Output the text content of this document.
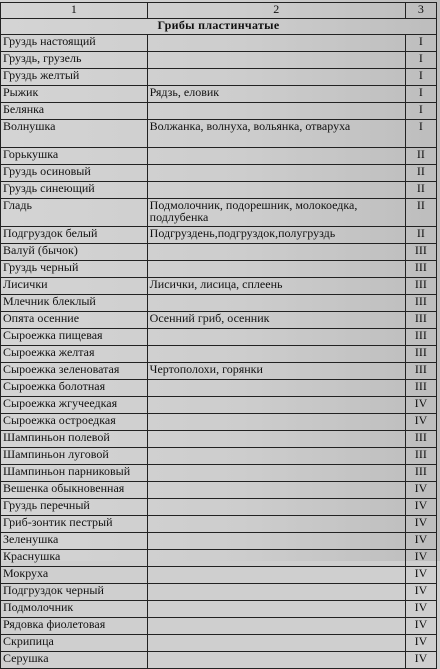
1	2	3
Грибы пластинчатые		
Груздь настоящий		I
Груздь, грузель		I
Груздь желтый		I
Рыжик	Рядзь, еловик	I
Белянка		I
Волнушка	Волжанка, волнуха, вольянка, отваруха	I
Горькушка		II
Груздь осиновый		II
Груздь синеющий		II
Гладь	Подмолочник, подорешник, молокоедка, подлубенка	II
Подгруздок белый	Подгруздень,подгруздок,полугруздь	II
Валуй (бычок)		III
Груздь черный		III
Лисички	Лисички, лисица, сплеень	III
Млечник блеклый		III
Опята осенние	Осенний гриб, осенник	III
Сыроежка пищевая		III
Сыроежка желтая		III
Сыроежка зеленоватая	Чертополохи, горянки	III
Сыроежка болотная		III
Сыроежка жгучеедкая		IV
Сыроежка остроедкая		IV
Шампиньон полевой		III
Шампиньон луговой		III
Шампиньон парниковый		III
Вешенка обыкновенная		IV
Груздь перечный		IV
Гриб-зонтик пестрый		IV
Зеленушка		IV
Краснушка		IV
Мокруха		IV
Подгруздок черный		IV
Подмолочник		IV
Рядовка фиолетовая		IV
Скрипица		IV
Серушка		IV
